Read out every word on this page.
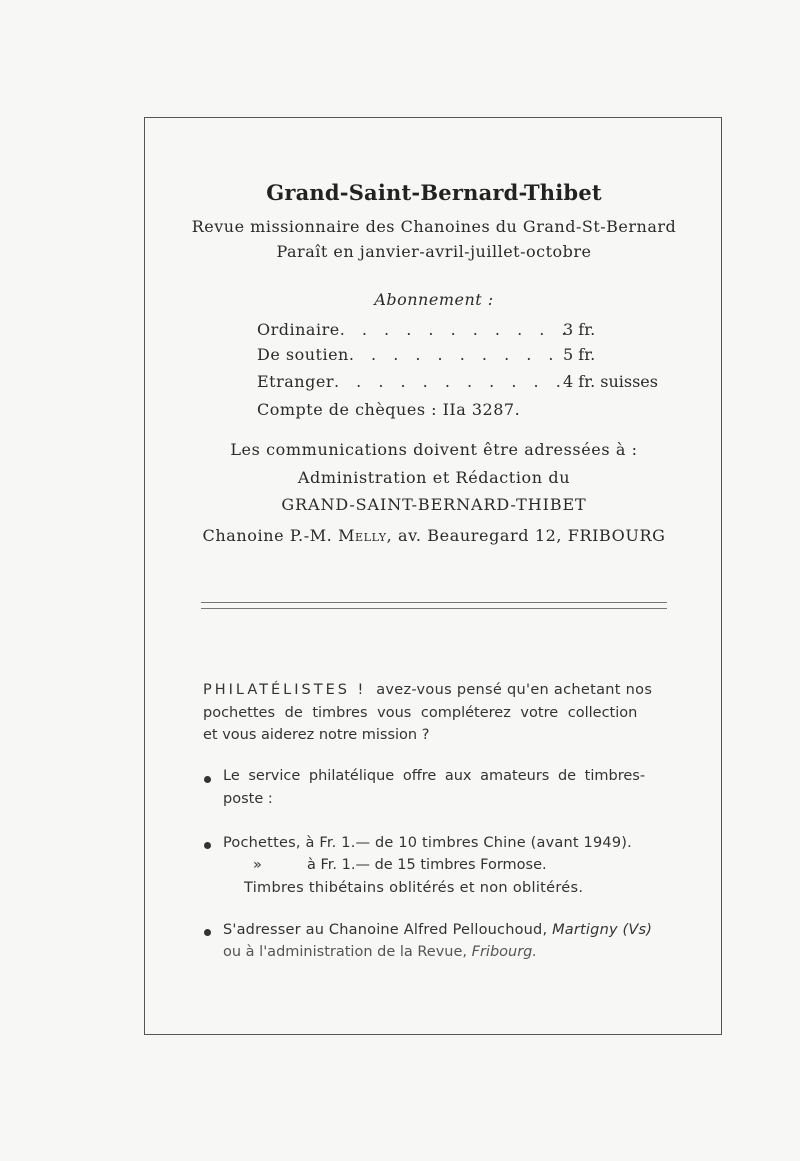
Grand-Saint-Bernard-Thibet
Revue missionnaire des Chanoines du Grand-St-Bernard
Paraît en janvier-avril-juillet-octobre
Abonnement :
Ordinaire. . . . . . . . . . .
3 fr.
De soutien. . . . . . . . . . 5 fr.
Etranger. . . . . . . . . . .
4 fr. suisses
Compte de chèques : IIa 3287.
Les communications doivent être adressées à :
Administration et Rédaction du
GRAND-SAINT-BERNARD-THIBET
Chanoine P.-M. Melly, av. Beauregard 12, FRIBOURG
PHILATÉLISTES ! avez-vous pensé qu'en achetant nos
pochettes de timbres vous compléterez votre collection
et vous aiderez notre mission ?
Le service philatélique offre aux amateurs de timbres-
poste :
Pochettes, à Fr. 1.— de 10 timbres Chine (avant 1949).
»	à Fr. 1.— de 15 timbres Formose.
Timbres thibétains oblitérés et non oblitérés.
S'adresser au Chanoine Alfred Pellouchoud, Martigny (Vs)
ou à l'administration de la Revue, Fribourg.
